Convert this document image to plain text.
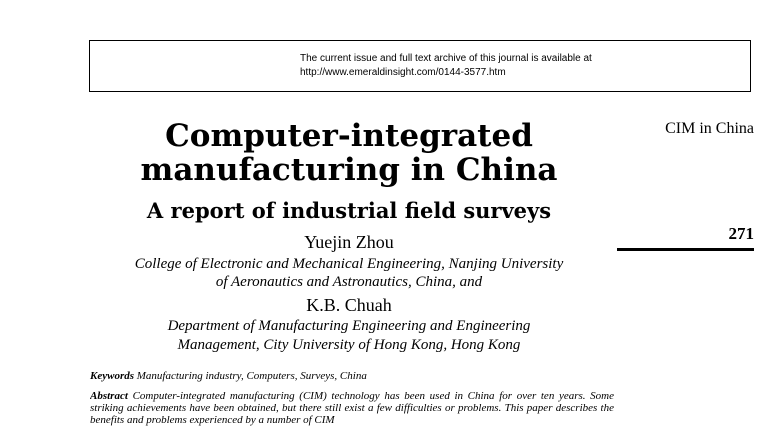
The current issue and full text archive of this journal is available at
http://www.emeraldinsight.com/0144-3577.htm
Computer-integrated
manufacturing in China
A report of industrial field surveys
Yuejin Zhou
College of Electronic and Mechanical Engineering, Nanjing University
of Aeronautics and Astronautics, China, and
K.B. Chuah
Department of Manufacturing Engineering and Engineering
Management, City University of Hong Kong, Hong Kong
CIM in China
271
Keywords Manufacturing industry, Computers, Surveys, China
Abstract Computer-integrated manufacturing (CIM) technology has been used in China for over ten years. Some striking achievements have been obtained, but there still exist a few difficulties or problems. This paper describes the benefits and problems experienced by a number of CIM
